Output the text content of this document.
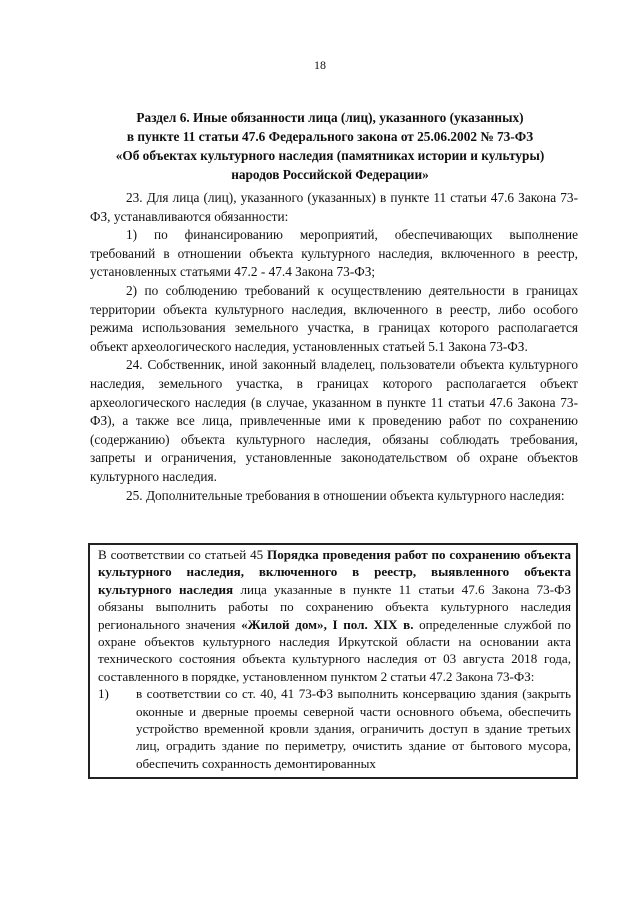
18
Раздел 6. Иные обязанности лица (лиц), указанного (указанных)
в пункте 11 статьи 47.6 Федерального закона от 25.06.2002 № 73-ФЗ
«Об объектах культурного наследия (памятниках истории и культуры)
народов Российской Федерации»

23. Для лица (лиц), указанного (указанных) в пункте 11 статьи 47.6 Закона 73-ФЗ, устанавливаются обязанности:

1) по финансированию мероприятий, обеспечивающих выполнение требований в отношении объекта культурного наследия, включенного в реестр, установленных статьями 47.2 - 47.4 Закона 73-ФЗ;

2) по соблюдению требований к осуществлению деятельности в границах территории объекта культурного наследия, включенного в реестр, либо особого режима использования земельного участка, в границах которого располагается объект археологического наследия, установленных статьей 5.1 Закона 73-ФЗ.

24. Собственник, иной законный владелец, пользователи объекта культурного наследия, земельного участка, в границах которого располагается объект археологического наследия (в случае, указанном в пункте 11 статьи 47.6 Закона 73-ФЗ), а также все лица, привлеченные ими к проведению работ по сохранению (содержанию) объекта культурного наследия, обязаны соблюдать требования, запреты и ограничения, установленные законодательством об охране объектов культурного наследия.

25. Дополнительные требования в отношении объекта культурного наследия:

В соответствии со статьей 45 Порядка проведения работ по сохранению объекта культурного наследия, включенного в реестр, выявленного объекта культурного наследия лица указанные в пункте 11 статьи 47.6 Закона 73-ФЗ обязаны выполнить работы по сохранению объекта культурного наследия регионального значения «Жилой дом», I пол. XIX в. определенные службой по охране объектов культурного наследия Иркутской области на основании акта технического состояния объекта культурного наследия от 03 августа 2018 года, составленного в порядке, установленном пунктом 2 статьи 47.2 Закона 73-ФЗ:

1)	в соответствии со ст. 40, 41 73-ФЗ выполнить консервацию здания (закрыть оконные и дверные проемы северной части основного объема, обеспечить устройство временной кровли здания, ограничить доступ в здание третьих лиц, оградить здание по периметру, очистить здание от бытового мусора, обеспечить сохранность демонтированных
